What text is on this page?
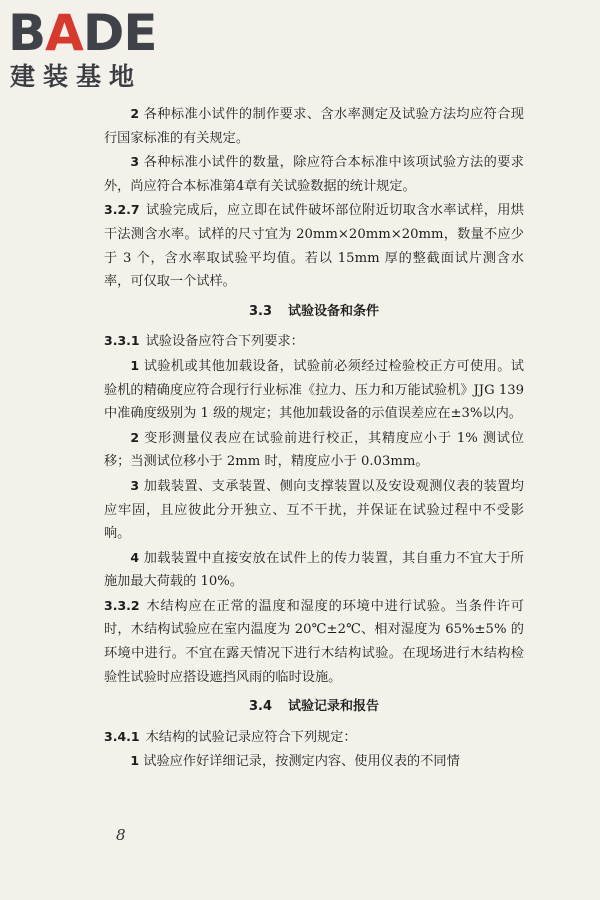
BADE
建装基地

2 各种标准小试件的制作要求、含水率测定及试验方法均应符合现行国家标准的有关规定。

3 各种标准小试件的数量，除应符合本标准中该项试验方法的要求外，尚应符合本标准第4章有关试验数据的统计规定。

3.2.7 试验完成后，应立即在试件破坏部位附近切取含水率试样，用烘干法测含水率。试样的尺寸宜为 20mm×20mm×20mm，数量不应少于 3 个，含水率取试验平均值。若以 15mm 厚的整截面试片测含水率，可仅取一个试样。

3.3 试验设备和条件

3.3.1 试验设备应符合下列要求：

1 试验机或其他加载设备，试验前必须经过检验校正方可使用。试验机的精确度应符合现行行业标准《拉力、压力和万能试验机》JJG 139 中准确度级别为 1 级的规定；其他加载设备的示值误差应在±3%以内。

2 变形测量仪表应在试验前进行校正，其精度应小于 1% 测试位移；当测试位移小于 2mm 时，精度应小于 0.03mm。

3 加载装置、支承装置、侧向支撑装置以及安设观测仪表的装置均应牢固，且应彼此分开独立、互不干扰，并保证在试验过程中不受影响。

4 加载装置中直接安放在试件上的传力装置，其自重力不宜大于所施加最大荷载的 10%。

3.3.2 木结构应在正常的温度和湿度的环境中进行试验。当条件许可时，木结构试验应在室内温度为 20℃±2℃、相对湿度为 65%±5% 的环境中进行。不宜在露天情况下进行木结构试验。在现场进行木结构检验性试验时应搭设遮挡风雨的临时设施。

3.4 试验记录和报告

3.4.1 木结构的试验记录应符合下列规定：

1 试验应作好详细记录，按测定内容、使用仪表的不同情

8
